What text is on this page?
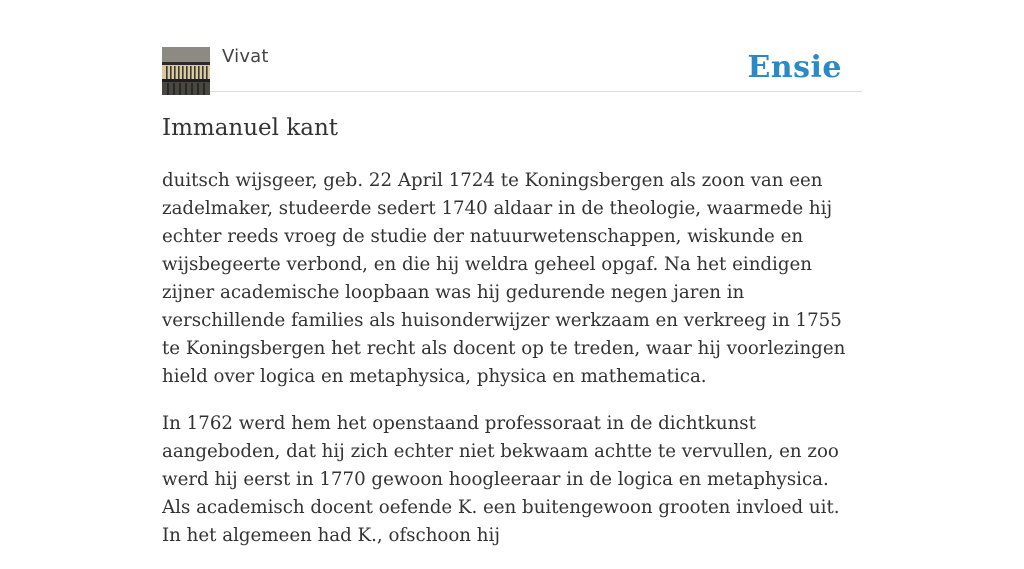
Vivat	Ensie
Immanuel kant

duitsch wijsgeer, geb. 22 April 1724 te Koningsbergen als zoon van een zadelmaker, studeerde sedert 1740 aldaar in de theologie, waarmede hij echter reeds vroeg de studie der natuurwetenschappen, wiskunde en wijsbegeerte verbond, en die hij weldra geheel opgaf. Na het eindigen zijner academische loopbaan was hij gedurende negen jaren in verschillende families als huisonderwijzer werkzaam en verkreeg in 1755 te Koningsbergen het recht als docent op te treden, waar hij voorlezingen hield over logica en metaphysica, physica en mathematica.

In 1762 werd hem het openstaand professoraat in de dichtkunst aangeboden, dat hij zich echter niet bekwaam achtte te vervullen, en zoo werd hij eerst in 1770 gewoon hoogleeraar in de logica en metaphysica. Als academisch docent oefende K. een buitengewoon grooten invloed uit. In het algemeen had K., ofschoon hij
